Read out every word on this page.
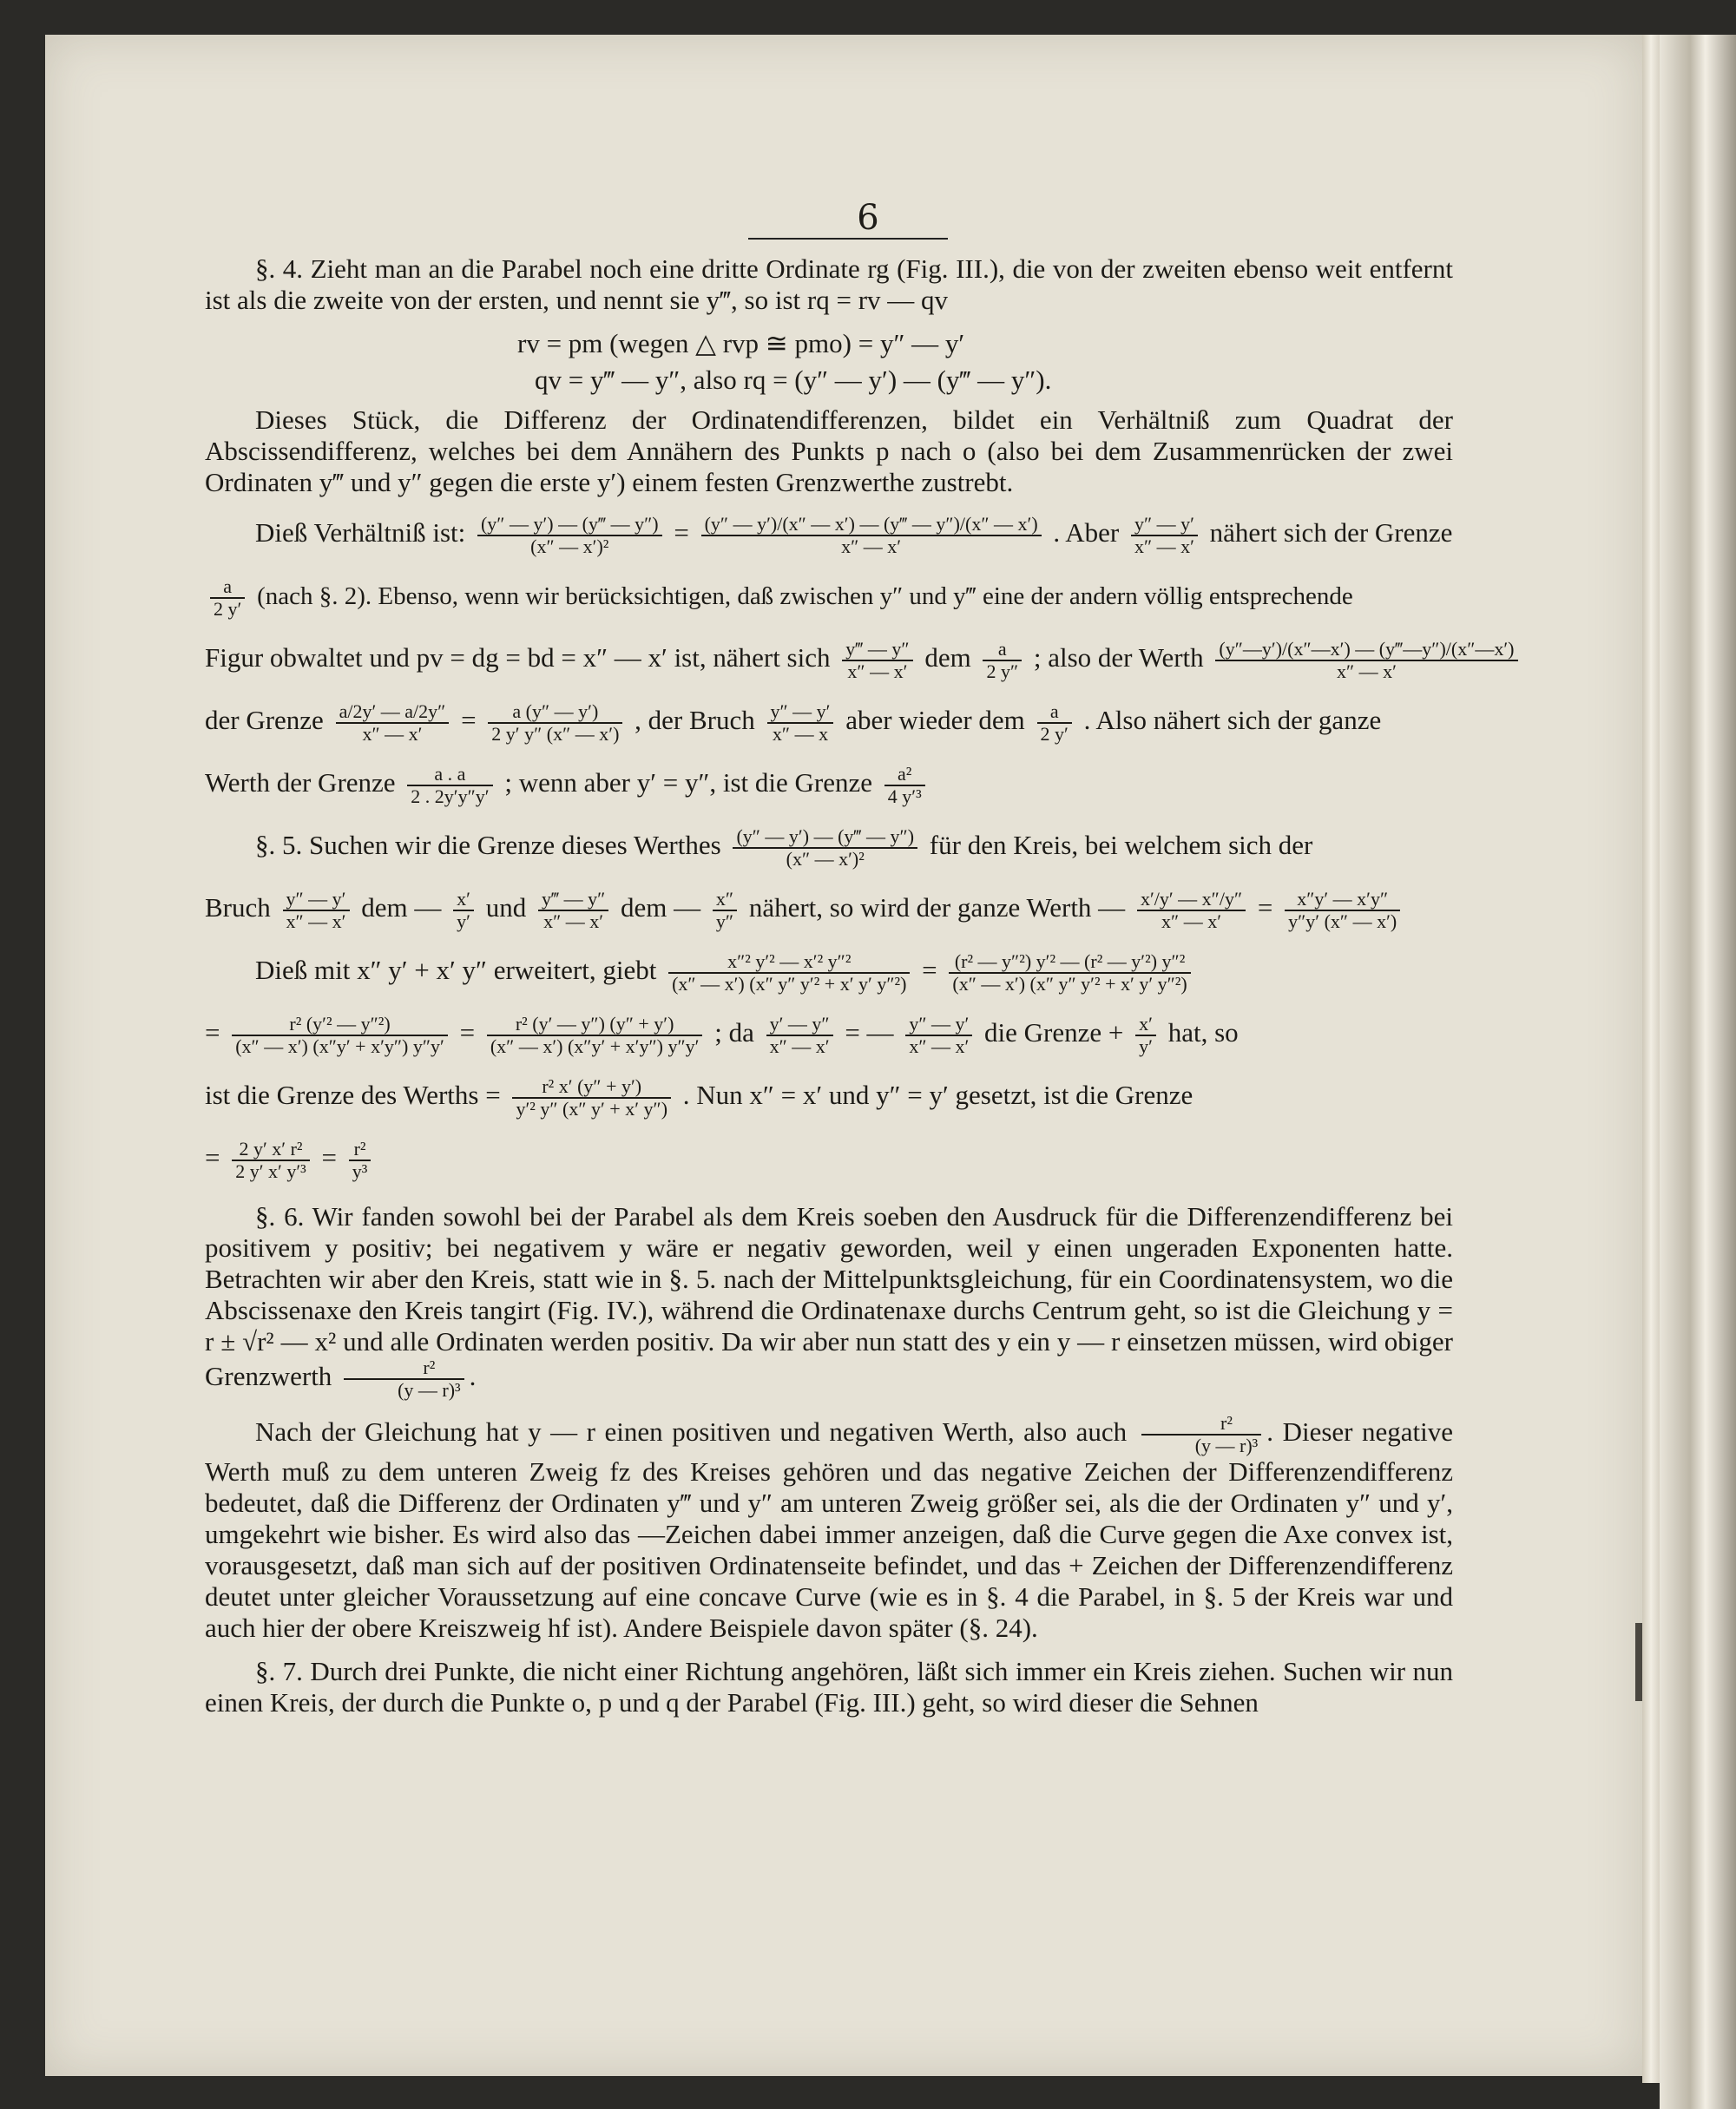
6

§. 4. Zieht man an die Parabel noch eine dritte Ordinate rg (Fig. III.), die von der zweiten ebenso weit entfernt ist als die zweite von der ersten, und nennt sie y‴, so ist rq = rv — qv

rv = pm (wegen △ rvp ≅ pmo) = y″ — y′

qv = y‴ — y″, also rq = (y″ — y′) — (y‴ — y″).

Dieses Stück, die Differenz der Ordinatendifferenzen, bildet ein Verhältniß zum Quadrat der Abscissendifferenz, welches bei dem Annähern des Punkts p nach o (also bei dem Zusammenrücken der zwei Ordinaten y‴ und y″ gegen die erste y′) einem festen Grenzwerthe zustrebt.

Dieß Verhältniß ist: $\frac{(y'' — y') — (y‴ — y'')}{\text{(x″ — x′)²}} = \frac{(y'' — y')/(x'' — x') — (y‴ — y'')/(x'' — x')}{x'' — x'}$ . Aber $\frac{y'' — y'}{x'' — x'}$ nähert sich der Grenze
$\frac{a}{2 y'}$ (nach §. 2). Ebenso, wenn wir berücksichtigen, daß zwischen y″ und y‴ eine der andern völlig entsprechende
Figur obwaltet und pv = dg = bd = x″ — x′ ist, nähert sich $\frac{y‴ — y''}{x'' — x'}$ dem $\frac{a}{2 y''}$ ; also der Werth $\frac{(y''—y')/(x''—x') — (y‴—y'')/(x''—x')}{x'' — x'}$
der Grenze $\frac{a/2y' — a/2y''}{x'' — x'} = \frac{a (y'' — y')}{2 y' y'' (x'' — x')}$ , der Bruch $\frac{y'' — y'}{x'' — x}$ aber wieder dem $\frac{a}{2 y'}$ . Also nähert sich der ganze
Werth der Grenze $\frac{a . a}{2 . 2y'y''y'}$ ; wenn aber y′ = y″, ist die Grenze $\frac{\text{a²}}{\text{4 y′³}}$
§. 5. Suchen wir die Grenze dieses Werthes $\frac{(y'' — y') — (y‴ — y'')}{\text{(x″ — x′)²}}$ für den Kreis, bei welchem sich der
Bruch $\frac{y'' — y'}{x'' — x'}$ dem — $\frac{x'}{y'}$ und $\frac{y‴ — y''}{x'' — x'}$ dem — $\frac{x''}{y''}$ nähert, so wird der ganze Werth — $\frac{x'/y' — x''/y''}{x'' — x'} = \frac{x''y' — x'y''}{y''y' (x'' — x')}$
Dieß mit x″ y′ + x′ y″ erweitert, giebt $\frac{\text{x″² y′² — x′² y″²}}{\text{(x″ — x′) (x″ y″ y′² + x′ y′ y″²)}} = \frac{\text{(r² — y″²) y′² — (r² — y′²) y″²}}{\text{(x″ — x′) (x″ y″ y′² + x′ y′ y″²)}}$
= $\frac{\text{r² (y′² — y″²)}}{(x'' — x') (x''y' + x'y'') y''y'} = \frac{\text{r² (y′ — y″) (y″ + y′)}}{(x'' — x') (x''y' + x'y'') y''y'}$ ; da $\frac{y' — y''}{x'' — x'}$ = — $\frac{y'' — y'}{x'' — x'}$ die Grenze + $\frac{x'}{y'}$ hat, so
ist die Grenze des Werths = $\frac{\text{r² x′ (y″ + y′)}}{\text{y′² y″ (x″ y′ + x′ y″)}}$ . Nun x″ = x′ und y″ = y′ gesetzt, ist die Grenze
= $\frac{\text{2 y′ x′ r²}}{\text{2 y′ x′ y′³}} = \frac{\text{r²}}{\text{y³}}$

§. 6. Wir fanden sowohl bei der Parabel als dem Kreis soeben den Ausdruck für die Differenzendifferenz bei positivem y positiv; bei negativem y wäre er negativ geworden, weil y einen ungeraden Exponenten hatte. Betrachten wir aber den Kreis, statt wie in §. 5. nach der Mittelpunktsgleichung, für ein Coordinatensystem, wo die Abscissenaxe den Kreis tangirt (Fig. IV.), während die Ordinatenaxe durchs Centrum geht, so ist die Gleichung y = r ± √r² — x² und alle Ordinaten werden positiv. Da wir aber nun statt des y ein y — r einsetzen müssen, wird obiger Grenzwerth $\frac{\text{r²}}{\text{(y — r)³}}$ .

Nach der Gleichung hat y — r einen positiven und negativen Werth, also auch $\frac{\text{r²}}{\text{(y — r)³}}$ . Dieser negative Werth muß zu dem unteren Zweig fz des Kreises gehören und das negative Zeichen der Differenzendifferenz bedeutet, daß die Differenz der Ordinaten y‴ und y″ am unteren Zweig größer sei, als die der Ordinaten y″ und y′, umgekehrt wie bisher. Es wird also das —Zeichen dabei immer anzeigen, daß die Curve gegen die Axe convex ist, vorausgesetzt, daß man sich auf der positiven Ordinatenseite befindet, und das + Zeichen der Differenzendifferenz deutet unter gleicher Voraussetzung auf eine concave Curve (wie es in §. 4 die Parabel, in §. 5 der Kreis war und auch hier der obere Kreiszweig hf ist). Andere Beispiele davon später (§. 24).

§. 7. Durch drei Punkte, die nicht einer Richtung angehören, läßt sich immer ein Kreis ziehen. Suchen wir nun einen Kreis, der durch die Punkte o, p und q der Parabel (Fig. III.) geht, so wird dieser die Sehnen
